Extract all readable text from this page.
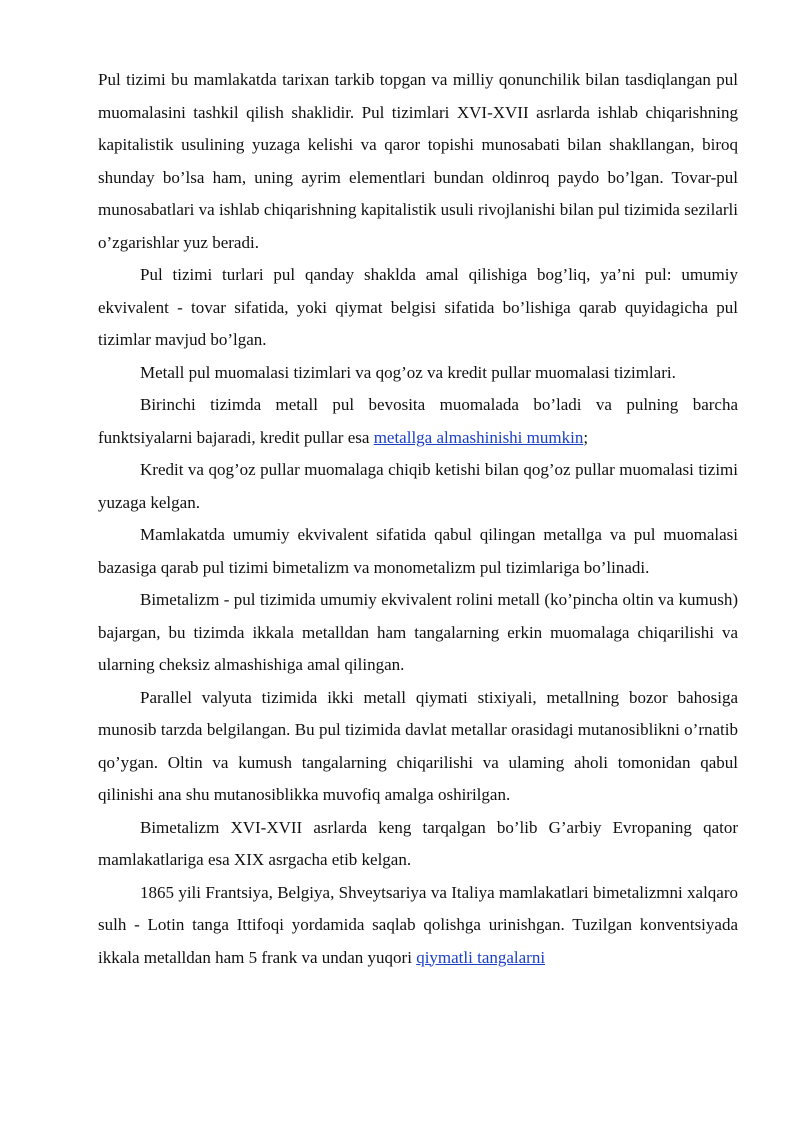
Pul tizimi bu mamlakatda tarixan tarkib topgan va milliy qonunchilik bilan tasdiqlangan pul muomalasini tashkil qilish shaklidir. Pul tizimlari XVI-XVII asrlarda ishlab chiqarishning kapitalistik usulining yuzaga kelishi va qaror topishi munosabati bilan shakllangan, biroq shunday bo’lsa ham, uning ayrim elementlari bundan oldinroq paydo bo’lgan. Tovar-pul munosabatlari va ishlab chiqarishning kapitalistik usuli rivojlanishi bilan pul tizimida sezilarli o’zgarishlar yuz beradi.

Pul tizimi turlari pul qanday shaklda amal qilishiga bog’liq, ya’ni pul: umumiy ekvivalent - tovar sifatida, yoki qiymat belgisi sifatida bo’lishiga qarab quyidagicha pul tizimlar mavjud bo’lgan.

Metall pul muomalasi tizimlari va qog’oz va kredit pullar muomalasi tizimlari.

Birinchi tizimda metall pul bevosita muomalada bo’ladi va pulning barcha funktsiyalarni bajaradi, kredit pullar esa metallga almashinishi mumkin;

Kredit va qog’oz pullar muomalaga chiqib ketishi bilan qog’oz pullar muomalasi tizimi yuzaga kelgan.

Mamlakatda umumiy ekvivalent sifatida qabul qilingan metallga va pul muomalasi bazasiga qarab pul tizimi bimetalizm va monometalizm pul tizimlariga bo’linadi.

Bimetalizm - pul tizimida umumiy ekvivalent rolini metall (ko’pincha oltin va kumush) bajargan, bu tizimda ikkala metalldan ham tangalarning erkin muomalaga chiqarilishi va ularning cheksiz almashishiga amal qilingan.

Parallel valyuta tizimida ikki metall qiymati stixiyali, metallning bozor bahosiga munosib tarzda belgilangan. Bu pul tizimida davlat metallar orasidagi mutanosiblikni o’rnatib qo’ygan. Oltin va kumush tangalarning chiqarilishi va ulaming aholi tomonidan qabul qilinishi ana shu mutanosiblikka muvofiq amalga oshirilgan.

Bimetalizm XVI-XVII asrlarda keng tarqalgan bo’lib G’arbiy Evropaning qator mamlakatlariga esa XIX asrgacha etib kelgan.

1865 yili Frantsiya, Belgiya, Shveytsariya va Italiya mamlakatlari bimetalizmni xalqaro sulh - Lotin tanga Ittifoqi yordamida saqlab qolishga urinishgan. Tuzilgan konventsiyada ikkala metalldan ham 5 frank va undan yuqori qiymatli tangalarni
